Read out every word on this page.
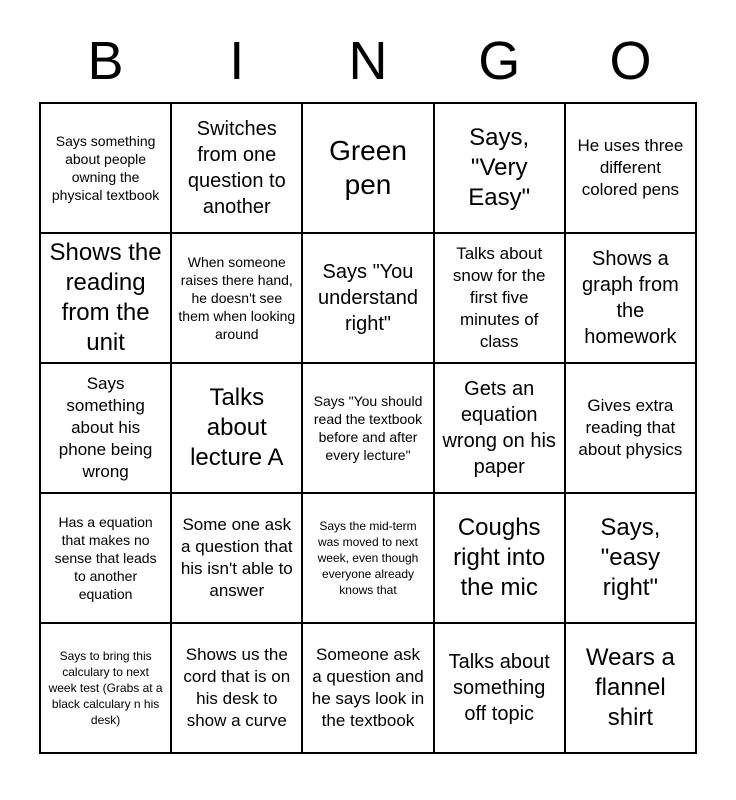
B	I	N	G	O
Says something about people owning the physical textbook
Switches from one question to another
Green pen
Says, "Very Easy"
He uses three different colored pens
Shows the reading from the unit
When someone raises there hand, he doesn't see them when looking around
Says "You understand right"
Talks about snow for the first five minutes of class
Shows a graph from the homework
Says something about his phone being wrong
Talks about lecture A
Says "You should read the textbook before and after every lecture"
Gets an equation wrong on his paper
Gives extra reading that about physics
Has a equation that makes no sense that leads to another equation
Some one ask a question that his isn't able to answer
Says the mid-term was moved to next week, even though everyone already knows that
Coughs right into the mic
Says, "easy right"
Says to bring this calculary to next week test (Grabs at a black calculary n his desk)
Shows us the cord that is on his desk to show a curve
Someone ask a question and he says look in the textbook
Talks about something off topic
Wears a flannel shirt
